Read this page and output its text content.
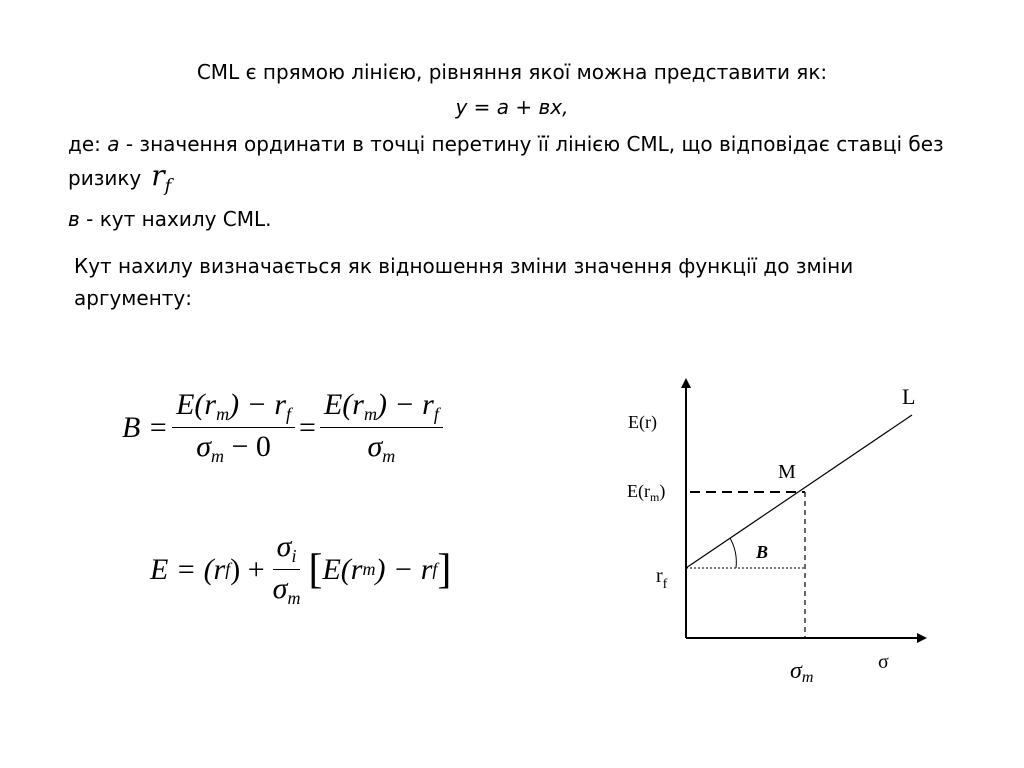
CML є прямою лінією, рівняння якої можна представити як:
у = а + вх,
де: а - значення ординати в точці перетину її лінією CML, що відповідає ставці без ризику $r_f$
в - кут нахилу CML.
Кут нахилу визначається як відношення зміни значення функції до зміни аргументу:
$B = \frac{E(r_m) - r_f}{\sigma_m - 0} = \frac{E(r_m) - r_f}{\sigma_m}$
E = (r f ) + $\frac{\sigma_i}{\sigma_m}$ [ E(r m ) − r f ]
E(r)
$E(r_m)$
$r_f$
L
M
B
σ
σm
